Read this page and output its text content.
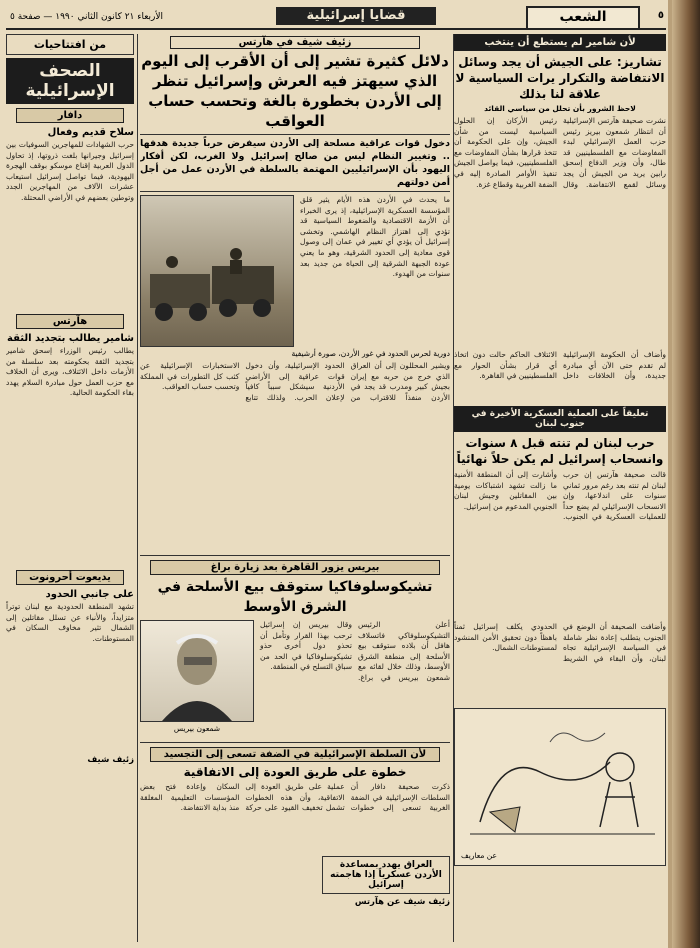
٥
قضايا إسرائيلية	الشعب
الأربعاء ٢١ كانون الثاني ١٩٩٠ — صفحة ٥
لأن شامير لم يستطع أن ينتخب
تشاريز: على الجيش أن يجد وسائل الانتفاضة والتكرار يرات السياسية لا علاقة لنا بذلك
لاحظ الشرور بأن تحلل من سياسي القائد
نشرت صحيفة هآرتس الإسرائيلية أن انتظار شمعون بيريز رئيس حزب العمل الإسرائيلي لبدء المفاوضات مع الفلسطينيين قد طال، وأن وزير الدفاع إسحق رابين يريد من الجيش أن يجد وسائل لقمع الانتفاضة. وقال رئيس الأركان إن الحلول السياسية ليست من شأن الجيش، وإن على الحكومة أن تتخذ قرارها بشأن المفاوضات مع الفلسطينيين، فيما يواصل الجيش تنفيذ الأوامر الصادرة إليه في الضفة الغربية وقطاع غزة.
وأضاف أن الحكومة الإسرائيلية لم تقدم حتى الآن أي مبادرة جديدة، وأن الخلافات داخل الائتلاف الحاكم حالت دون اتخاذ أي قرار بشأن الحوار مع الفلسطينيين في القاهرة.
تعليقاً على العملية العسكرية الأخيرة في جنوب لبنان
حرب لبنان لم تنته قبل ٨ سنوات وانسحاب إسرائيل لم يكن حلاً نهائياً
قالت صحيفة هآرتس إن حرب لبنان لم تنته بعد رغم مرور ثماني سنوات على اندلاعها، وإن الانسحاب الإسرائيلي لم يضع حداً للعمليات العسكرية في الجنوب. وأشارت إلى أن المنطقة الأمنية ما زالت تشهد اشتباكات يومية بين المقاتلين وجيش لبنان الجنوبي المدعوم من إسرائيل.
وأضافت الصحيفة أن الوضع في الجنوب يتطلب إعادة نظر شاملة في السياسة الإسرائيلية تجاه لبنان، وأن البقاء في الشريط الحدودي يكلف إسرائيل ثمناً باهظاً دون تحقيق الأمن المنشود لمستوطنات الشمال.
عن معاريف
زئيف شيف في هآرتس
دلائل كثيرة تشير إلى أن الأقرب إلى اليوم الذي سيهتز فيه العرش وإسرائيل تنظر إلى الأردن بخطورة بالغة وتحسب حساب العواقب
دخول قوات عراقية مسلحة إلى الأردن سيفرض حرباً جديدة هدفها .. وتغيير النظام ليس من صالح إسرائيل ولا الغرب، لكن أفكار اليهود بأن الإسرائيليين المهتمة بالسلطة في الأردن عمل من أجل أمن دولتهم
ما يحدث في الأردن هذه الأيام يثير قلق المؤسسة العسكرية الإسرائيلية، إذ يرى الخبراء أن الأزمة الاقتصادية والضغوط السياسية قد تؤدي إلى اهتزاز النظام الهاشمي. وتخشى إسرائيل أن يؤدي أي تغيير في عمان إلى وصول قوى معادية إلى الحدود الشرقية، وهو ما يعني عودة الجبهة الشرقية إلى الحياة من جديد بعد سنوات من الهدوء.
دورية لحرس الحدود في غور الأردن، صورة أرشيفية
ويشير المحللون إلى أن العراق الذي خرج من حربه مع إيران بجيش كبير ومدرب قد يجد في الأردن منفذاً للاقتراب من الحدود الإسرائيلية، وأن دخول قوات عراقية إلى الأراضي الأردنية سيشكل سبباً كافياً لإعلان الحرب. ولذلك تتابع الاستخبارات الإسرائيلية عن كثب كل التطورات في المملكة وتحسب حساب العواقب.
بيريس يزور القاهرة بعد زيارة براغ
تشيكوسلوفاكيا ستوقف بيع الأسلحة في الشرق الأوسط
أعلن الرئيس التشيكوسلوفاكي فاتسلاف هافل أن بلاده ستوقف بيع الأسلحة إلى منطقة الشرق الأوسط، وذلك خلال لقائه مع شمعون بيريس في براغ. وقال بيريس إن إسرائيل ترحب بهذا القرار وتأمل أن تحذو دول أخرى حذو تشيكوسلوفاكيا في الحد من سباق التسلح في المنطقة.
شمعون بيريس
لأن السلطة الإسرائيلية في الضفة تسعى إلى التجسيد
خطوة على طريق العودة إلى الاتفاقية
ذكرت صحيفة دافار أن السلطات الإسرائيلية في الضفة الغربية تسعى إلى خطوات عملية على طريق العودة إلى الاتفاقية، وأن هذه الخطوات تشمل تخفيف القيود على حركة السكان وإعادة فتح بعض المؤسسات التعليمية المغلقة منذ بداية الانتفاضة.
العراق يهدد بمساعدة الأردن عسكرياً إذا هاجمته إسرائيل
زئيف شيف عن هآرتس
من افتتاحيات
الصحف الإسرائيلية
دافار
سلاح قديم وفعال
حرب الشهادات للمهاجرين السوفيات بين إسرائيل وجيرانها بلغت ذروتها، إذ تحاول الدول العربية إقناع موسكو بوقف الهجرة اليهودية، فيما تواصل إسرائيل استيعاب عشرات الآلاف من المهاجرين الجدد وتوطين بعضهم في الأراضي المحتلة.
هآرتس
شامير يطالب بتجديد الثقة
يطالب رئيس الوزراء إسحق شامير بتجديد الثقة بحكومته بعد سلسلة من الأزمات داخل الائتلاف، ويرى أن الخلاف مع حزب العمل حول مبادرة السلام يهدد بقاء الحكومة الحالية.
يديعوت أحرونوت
على جانبي الحدود
تشهد المنطقة الحدودية مع لبنان توتراً متزايداً، والأنباء عن تسلل مقاتلين إلى الشمال تثير مخاوف السكان في المستوطنات.
زئيف شيف
